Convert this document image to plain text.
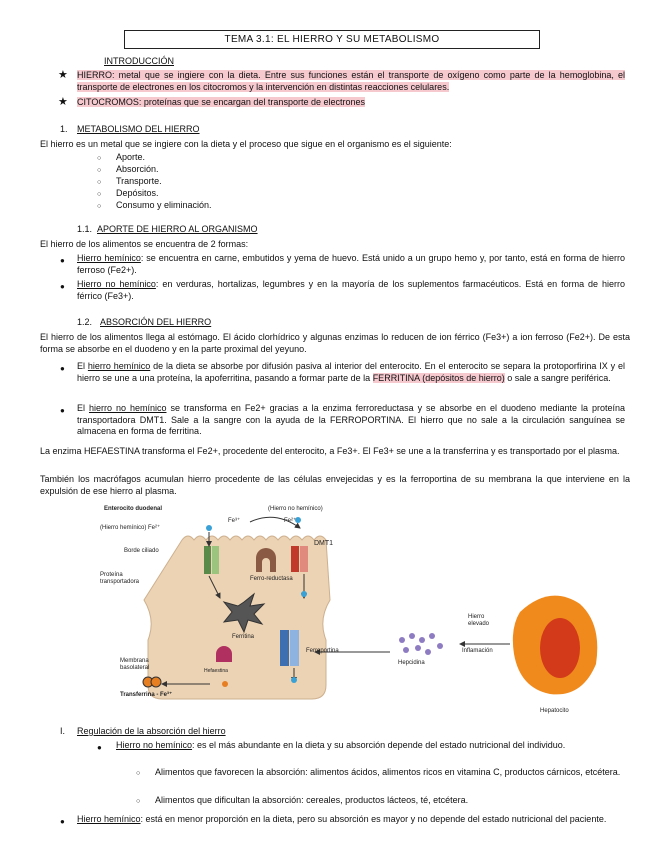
TEMA 3.1: EL HIERRO Y SU METABOLISMO
INTRODUCCIÓN
★ HIERRO: metal que se ingiere con la dieta. Entre sus funciones están el transporte de oxígeno como parte de la hemoglobina, el transporte de electrones en los citocromos y la intervención en distintas reacciones celulares.
★ CITOCROMOS: proteínas que se encargan del transporte de electrones
1. METABOLISMO DEL HIERRO
El hierro es un metal que se ingiere con la dieta y el proceso que sigue en el organismo es el siguiente:
○ Aporte.
○ Absorción.
○ Transporte.
○ Depósitos.
○ Consumo y eliminación.
1.1. APORTE DE HIERRO AL ORGANISMO
El hierro de los alimentos se encuentra de 2 formas:
● Hierro hemínico: se encuentra en carne, embutidos y yema de huevo. Está unido a un grupo hemo y, por tanto, está en forma de hierro ferroso (Fe2+).
● Hierro no hemínico: en verduras, hortalizas, legumbres y en la mayoría de los suplementos farmacéuticos. Está en forma de hierro férrico (Fe3+).
1.2. ABSORCIÓN DEL HIERRO
El hierro de los alimentos llega al estómago. El ácido clorhídrico y algunas enzimas lo reducen de ion férrico (Fe3+) a ion ferroso (Fe2+). De esta forma se absorbe en el duodeno y en la parte proximal del yeyuno.
● El hierro hemínico de la dieta se absorbe por difusión pasiva al interior del enterocito. En el enterocito se separa la protoporfirina IX y el hierro se une a una proteína, la apoferritina, pasando a formar parte de la FERRITINA (depósitos de hierro) o sale a sangre periférica.
● El hierro no hemínico se transforma en Fe2+ gracias a la enzima ferroreductasa y se absorbe en el duodeno mediante la proteína transportadora DMT1. Sale a la sangre con la ayuda de la FERROPORTINA. El hierro que no sale a la circulación sanguínea se almacena en forma de ferritina.
La enzima HEFAESTINA transforma el Fe2+, procedente del enterocito, a Fe3+. El Fe3+ se une a la transferrina y es transportado por el plasma.
También los macrófagos acumulan hierro procedente de las células envejecidas y es la ferroportina de su membrana la que interviene en la expulsión de ese hierro al plasma.
Enterocito duodenal
(Hierro hemínico) Fe²⁺
(Hierro no hemínico)
Fe³⁺	Fe²⁺
DMT1
Borde ciliado
Proteína transportadora	Ferro-reductasa
Ferritina
Membrana basolateral	Hefaestina
Ferroportina
Transferrina - Fe³⁺
Hepcidina
Inflamación
Hierro elevado
Hepatocito
I. Regulación de la absorción del hierro
● Hierro no hemínico: es el más abundante en la dieta y su absorción depende del estado nutricional del individuo.
○ Alimentos que favorecen la absorción: alimentos ácidos, alimentos ricos en vitamina C, productos cárnicos, etcétera.
○ Alimentos que dificultan la absorción: cereales, productos lácteos, té, etcétera.
● Hierro hemínico: está en menor proporción en la dieta, pero su absorción es mayor y no depende del estado nutricional del paciente.
